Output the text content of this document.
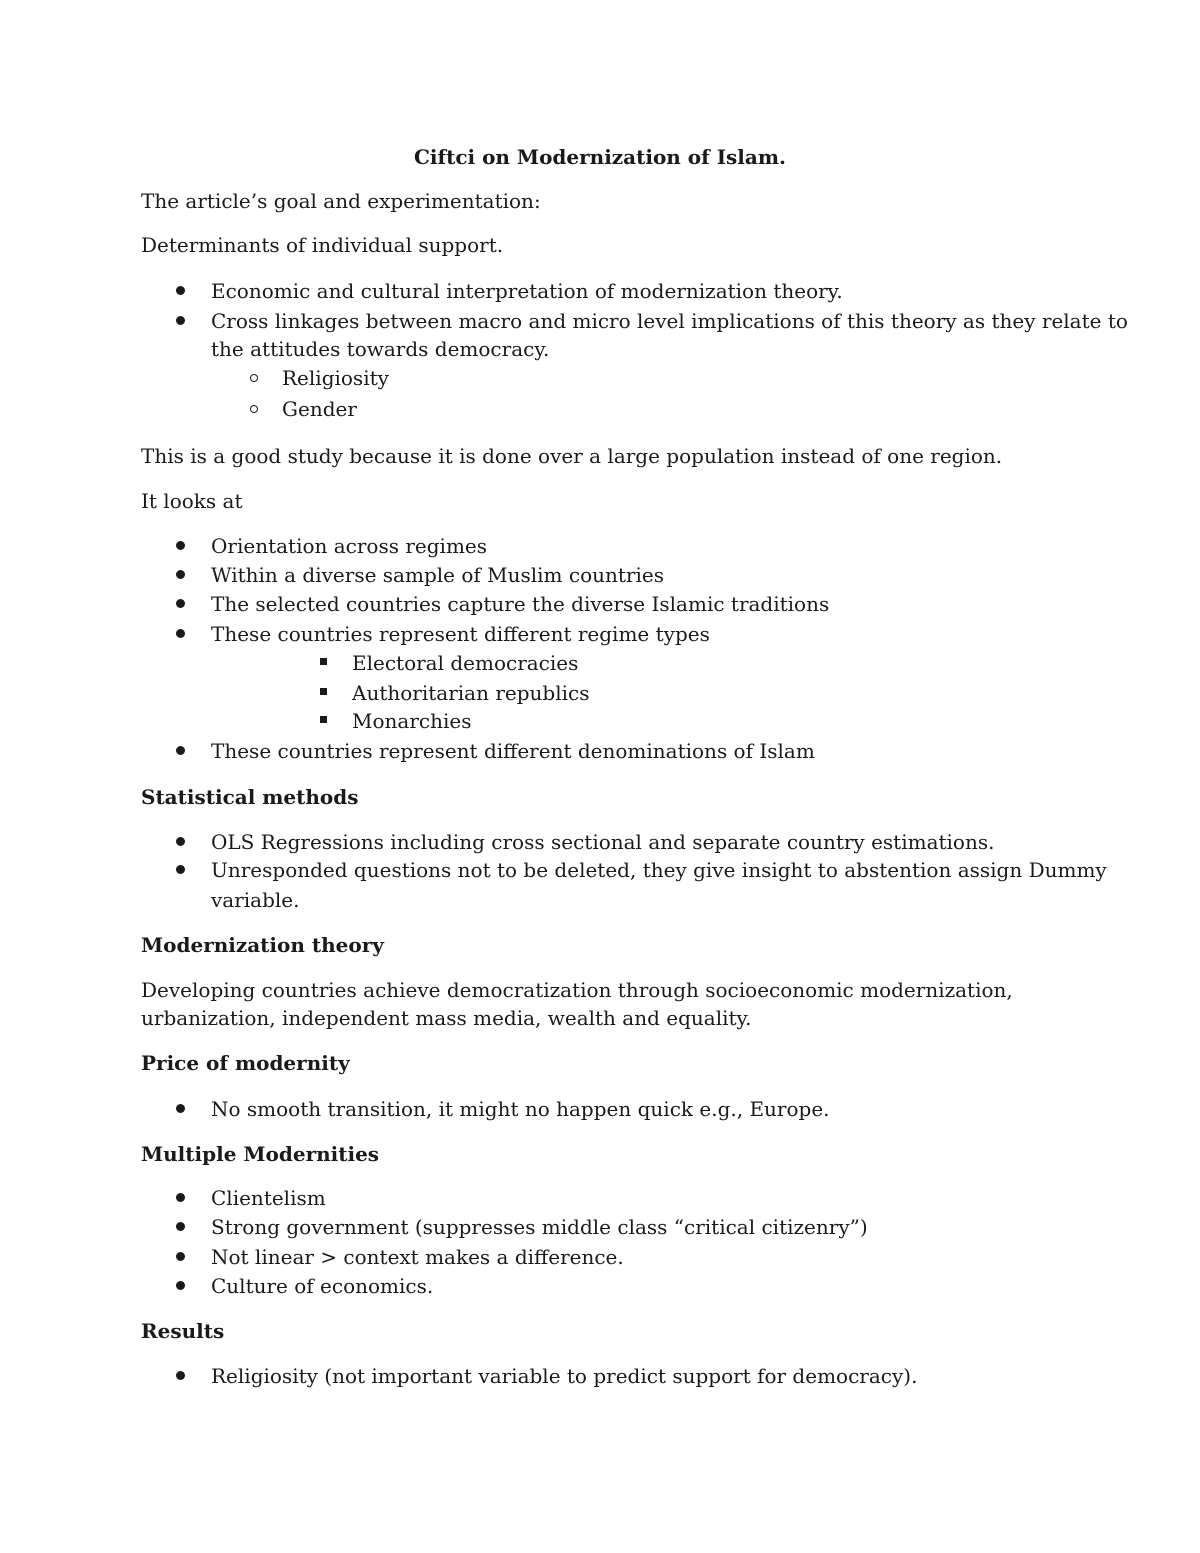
Ciftci on Modernization of Islam.
The article’s goal and experimentation:
Determinants of individual support.
Economic and cultural interpretation of modernization theory.
Cross linkages between macro and micro level implications of this theory as they relate to
the attitudes towards democracy.
Religiosity
Gender
This is a good study because it is done over a large population instead of one region.
It looks at
Orientation across regimes
Within a diverse sample of Muslim countries
The selected countries capture the diverse Islamic traditions
These countries represent different regime types
Electoral democracies
Authoritarian republics
Monarchies
These countries represent different denominations of Islam
Statistical methods
OLS Regressions including cross sectional and separate country estimations.
Unresponded questions not to be deleted, they give insight to abstention assign Dummy
variable.
Modernization theory
Developing countries achieve democratization through socioeconomic modernization,
urbanization, independent mass media, wealth and equality.
Price of modernity
No smooth transition, it might no happen quick e.g., Europe.
Multiple Modernities
Clientelism
Strong government (suppresses middle class “critical citizenry”)
Not linear > context makes a difference.
Culture of economics.
Results
Religiosity (not important variable to predict support for democracy).
